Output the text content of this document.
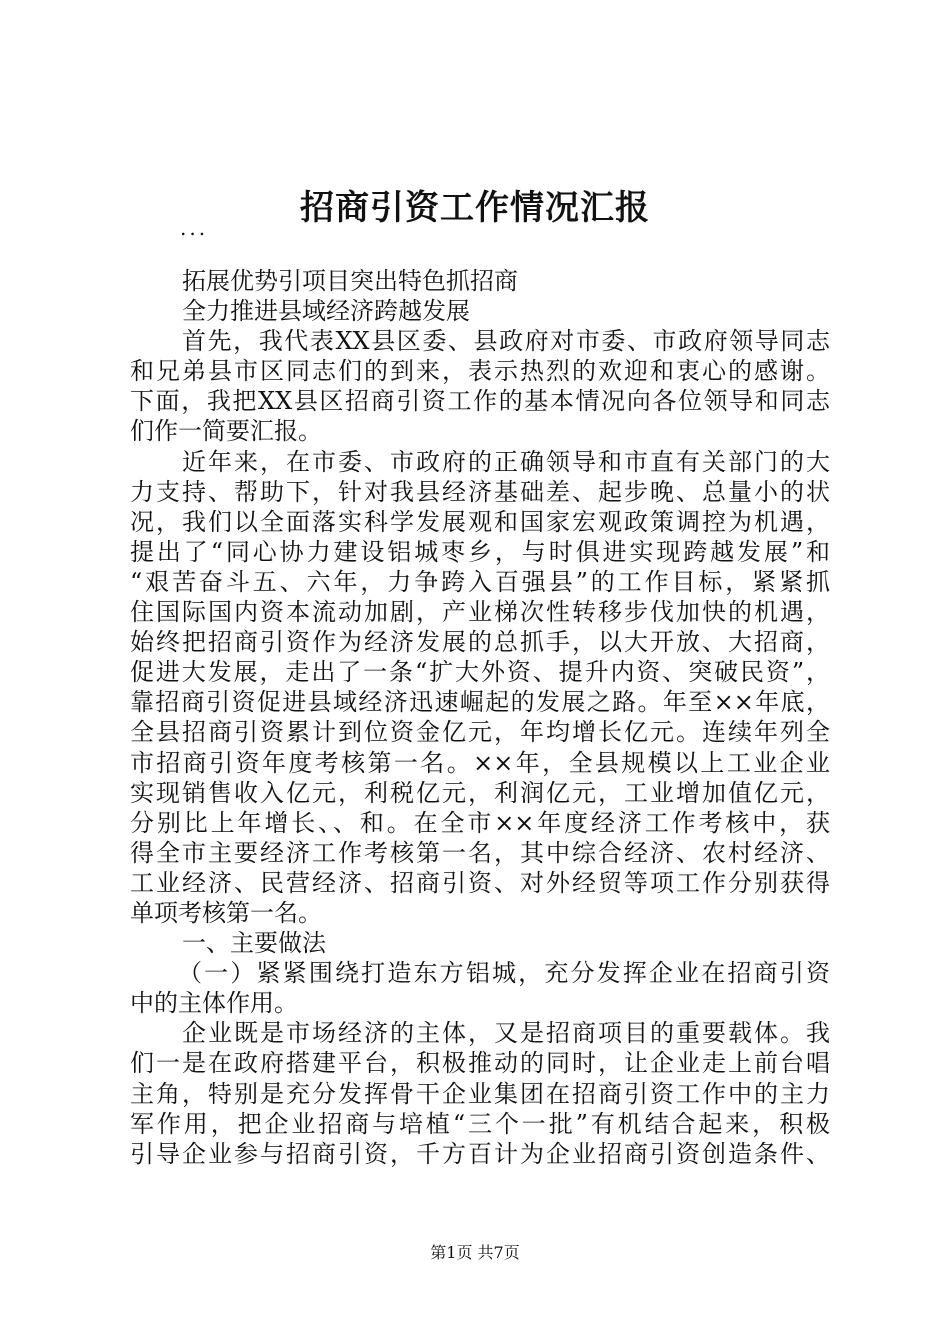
招商引资工作情况汇报
...
拓展优势引项目突出特色抓招商
全力推进县域经济跨越发展
首先，我代表XX县区委、县政府对市委、市政府领导同志
和兄弟县市区同志们的到来，表示热烈的欢迎和衷心的感谢。
下面，我把XX县区招商引资工作的基本情况向各位领导和同志
们作一简要汇报。
近年来，在市委、市政府的正确领导和市直有关部门的大
力支持、帮助下，针对我县经济基础差、起步晚、总量小的状
况，我们以全面落实科学发展观和国家宏观政策调控为机遇，
提出了“同心协力建设铝城枣乡，与时俱进实现跨越发展”和
“艰苦奋斗五、六年，力争跨入百强县”的工作目标，紧紧抓
住国际国内资本流动加剧，产业梯次性转移步伐加快的机遇，
始终把招商引资作为经济发展的总抓手，以大开放、大招商，
促进大发展，走出了一条“扩大外资、提升内资、突破民资”，
靠招商引资促进县域经济迅速崛起的发展之路。年至××年底，
全县招商引资累计到位资金亿元，年均增长亿元。连续年列全
市招商引资年度考核第一名。××年，全县规模以上工业企业
实现销售收入亿元，利税亿元，利润亿元，工业增加值亿元，
分别比上年增长、、和。在全市××年度经济工作考核中，获
得全市主要经济工作考核第一名，其中综合经济、农村经济、
工业经济、民营经济、招商引资、对外经贸等项工作分别获得
单项考核第一名。
一、主要做法
（一）紧紧围绕打造东方铝城，充分发挥企业在招商引资
中的主体作用。
企业既是市场经济的主体，又是招商项目的重要载体。我
们一是在政府搭建平台，积极推动的同时，让企业走上前台唱
主角，特别是充分发挥骨干企业集团在招商引资工作中的主力
军作用，把企业招商与培植“三个一批”有机结合起来，积极
引导企业参与招商引资，千方百计为企业招商引资创造条件、
第1页 共7页
